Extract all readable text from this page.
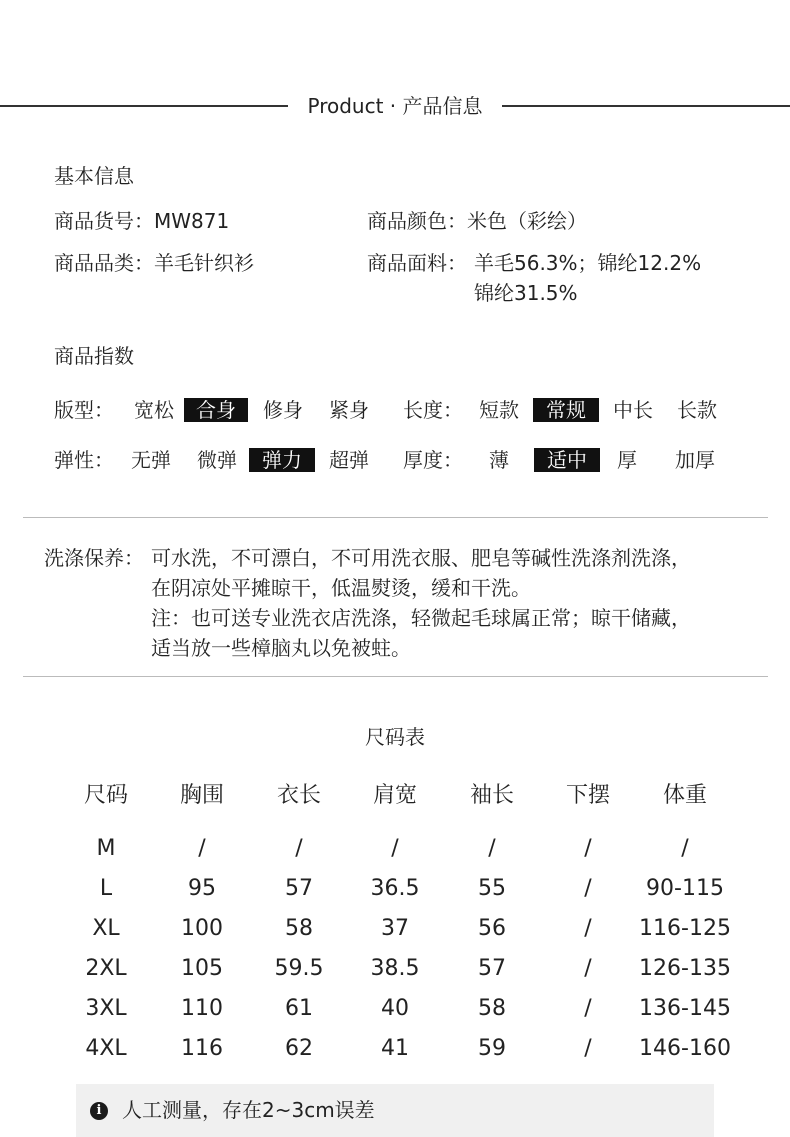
Product · 产品信息
基本信息
商品货号：MW871	商品颜色：米色（彩绘）
商品品类：羊毛针织衫	商品面料： 羊毛56.3%；锦纶12.2%
锦纶31.5%
商品指数
版型：	宽松	合身	修身	紧身	长度： 短款	常规	中长	长款
弹性： 无弹	微弹	弹力	超弹	厚度：	薄	适中	厚	加厚
洗涤保养： 可水洗，不可漂白，不可用洗衣服、肥皂等碱性洗涤剂洗涤，
在阴凉处平摊晾干，低温熨烫，缓和干洗。
注：也可送专业洗衣店洗涤，轻微起毛球属正常；晾干储藏，
适当放一些樟脑丸以免被蛀。
尺码表
尺码	胸围	衣长	肩宽	袖长	下摆	体重
M	/	/	/	/	/	/
L	95	57	36.5	55	/	90-115
XL	100	58	37	56	/	116-125
2XL	105	59.5	38.5	57	/	126-135
3XL	110	61	40	58	/	136-145
4XL	116	62	41	59	/	146-160
i	人工测量，存在2~3cm误差
